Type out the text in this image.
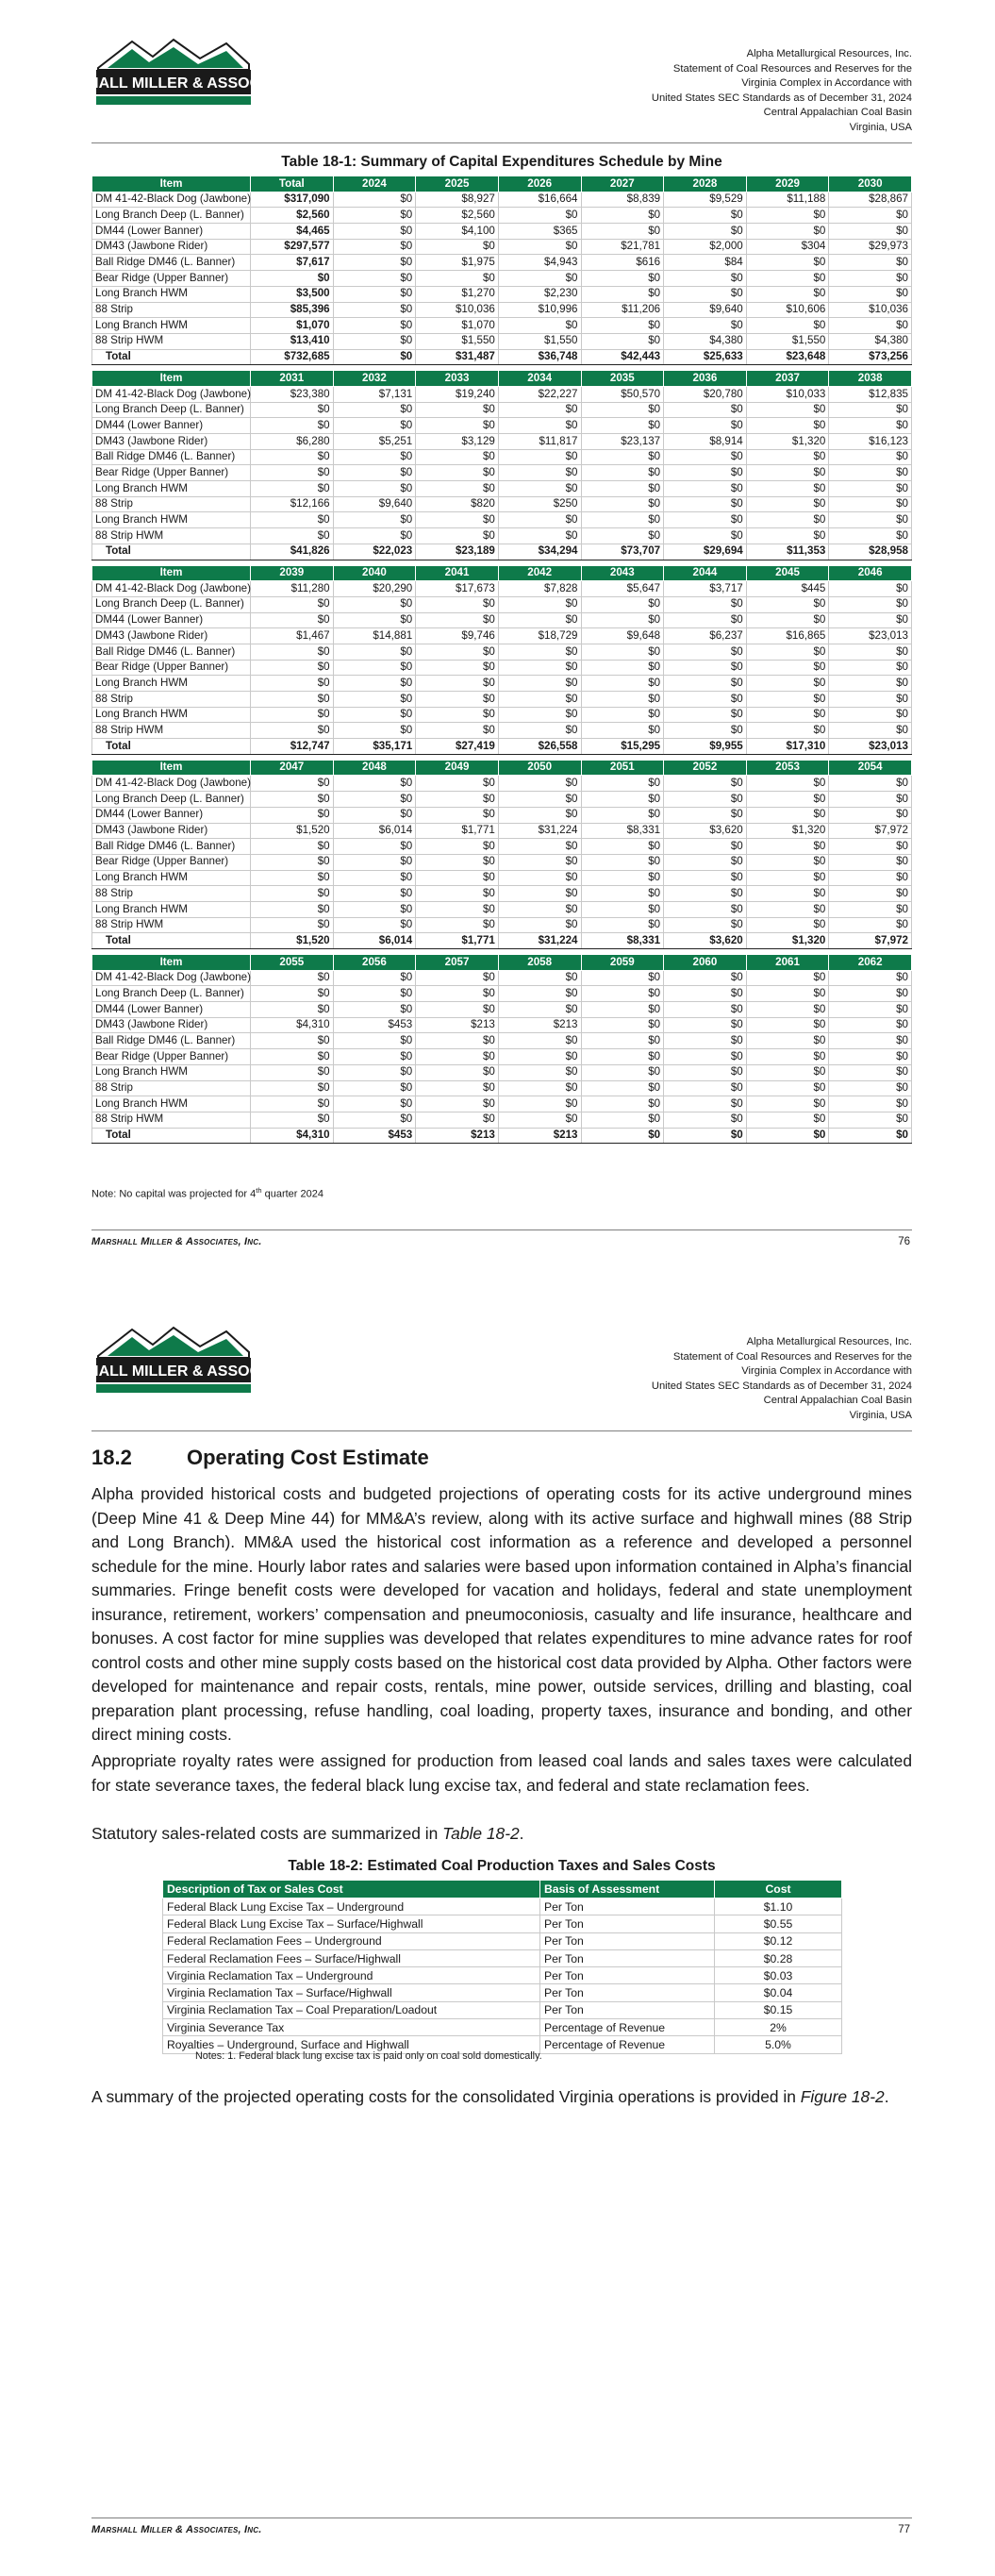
MARSHALL MILLER & ASSOCIATES
Alpha Metallurgical Resources, Inc.
Statement of Coal Resources and Reserves for the
Virginia Complex in Accordance with
United States SEC Standards as of December 31, 2024
Central Appalachian Coal Basin
Virginia, USA
Table 18-1: Summary of Capital Expenditures Schedule by Mine
Item	Total	2024	2025	2026	2027	2028	2029	2030
DM 41-42-Black Dog (Jawbone)	$317,090	$0	$8,927	$16,664	$8,839	$9,529	$11,188	$28,867
Long Branch Deep (L. Banner)	$2,560	$0	$2,560	$0	$0	$0	$0	$0
DM44 (Lower Banner)	$4,465	$0	$4,100	$365	$0	$0	$0	$0
DM43 (Jawbone Rider)	$297,577	$0	$0	$0	$21,781	$2,000	$304	$29,973
Ball Ridge DM46 (L. Banner)	$7,617	$0	$1,975	$4,943	$616	$84	$0	$0
Bear Ridge (Upper Banner)	$0	$0	$0	$0	$0	$0	$0	$0
Long Branch HWM	$3,500	$0	$1,270	$2,230	$0	$0	$0	$0
88 Strip	$85,396	$0	$10,036	$10,996	$11,206	$9,640	$10,606	$10,036
Long Branch HWM	$1,070	$0	$1,070	$0	$0	$0	$0	$0
88 Strip HWM	$13,410	$0	$1,550	$1,550	$0	$4,380	$1,550	$4,380
Total	$732,685	$0	$31,487	$36,748	$42,443	$25,633	$23,648	$73,256

Item	2031	2032	2033	2034	2035	2036	2037	2038
DM 41-42-Black Dog (Jawbone)	$23,380	$7,131	$19,240	$22,227	$50,570	$20,780	$10,033	$12,835
Long Branch Deep (L. Banner)	$0	$0	$0	$0	$0	$0	$0	$0
DM44 (Lower Banner)	$0	$0	$0	$0	$0	$0	$0	$0
DM43 (Jawbone Rider)	$6,280	$5,251	$3,129	$11,817	$23,137	$8,914	$1,320	$16,123
Ball Ridge DM46 (L. Banner)	$0	$0	$0	$0	$0	$0	$0	$0
Bear Ridge (Upper Banner)	$0	$0	$0	$0	$0	$0	$0	$0
Long Branch HWM	$0	$0	$0	$0	$0	$0	$0	$0
88 Strip	$12,166	$9,640	$820	$250	$0	$0	$0	$0
Long Branch HWM	$0	$0	$0	$0	$0	$0	$0	$0
88 Strip HWM	$0	$0	$0	$0	$0	$0	$0	$0
Total	$41,826	$22,023	$23,189	$34,294	$73,707	$29,694	$11,353	$28,958

Item	2039	2040	2041	2042	2043	2044	2045	2046
DM 41-42-Black Dog (Jawbone)	$11,280	$20,290	$17,673	$7,828	$5,647	$3,717	$445	$0
Long Branch Deep (L. Banner)	$0	$0	$0	$0	$0	$0	$0	$0
DM44 (Lower Banner)	$0	$0	$0	$0	$0	$0	$0	$0
DM43 (Jawbone Rider)	$1,467	$14,881	$9,746	$18,729	$9,648	$6,237	$16,865	$23,013
Ball Ridge DM46 (L. Banner)	$0	$0	$0	$0	$0	$0	$0	$0
Bear Ridge (Upper Banner)	$0	$0	$0	$0	$0	$0	$0	$0
Long Branch HWM	$0	$0	$0	$0	$0	$0	$0	$0
88 Strip	$0	$0	$0	$0	$0	$0	$0	$0
Long Branch HWM	$0	$0	$0	$0	$0	$0	$0	$0
88 Strip HWM	$0	$0	$0	$0	$0	$0	$0	$0
Total	$12,747	$35,171	$27,419	$26,558	$15,295	$9,955	$17,310	$23,013

Item	2047	2048	2049	2050	2051	2052	2053	2054
DM 41-42-Black Dog (Jawbone)	$0	$0	$0	$0	$0	$0	$0	$0
Long Branch Deep (L. Banner)	$0	$0	$0	$0	$0	$0	$0	$0
DM44 (Lower Banner)	$0	$0	$0	$0	$0	$0	$0	$0
DM43 (Jawbone Rider)	$1,520	$6,014	$1,771	$31,224	$8,331	$3,620	$1,320	$7,972
Ball Ridge DM46 (L. Banner)	$0	$0	$0	$0	$0	$0	$0	$0
Bear Ridge (Upper Banner)	$0	$0	$0	$0	$0	$0	$0	$0
Long Branch HWM	$0	$0	$0	$0	$0	$0	$0	$0
88 Strip	$0	$0	$0	$0	$0	$0	$0	$0
Long Branch HWM	$0	$0	$0	$0	$0	$0	$0	$0
88 Strip HWM	$0	$0	$0	$0	$0	$0	$0	$0
Total	$1,520	$6,014	$1,771	$31,224	$8,331	$3,620	$1,320	$7,972

Item	2055	2056	2057	2058	2059	2060	2061	2062
DM 41-42-Black Dog (Jawbone)	$0	$0	$0	$0	$0	$0	$0	$0
Long Branch Deep (L. Banner)	$0	$0	$0	$0	$0	$0	$0	$0
DM44 (Lower Banner)	$0	$0	$0	$0	$0	$0	$0	$0
DM43 (Jawbone Rider)	$4,310	$453	$213	$213	$0	$0	$0	$0
Ball Ridge DM46 (L. Banner)	$0	$0	$0	$0	$0	$0	$0	$0
Bear Ridge (Upper Banner)	$0	$0	$0	$0	$0	$0	$0	$0
Long Branch HWM	$0	$0	$0	$0	$0	$0	$0	$0
88 Strip	$0	$0	$0	$0	$0	$0	$0	$0
Long Branch HWM	$0	$0	$0	$0	$0	$0	$0	$0
88 Strip HWM	$0	$0	$0	$0	$0	$0	$0	$0
Total	$4,310	$453	$213	$213	$0	$0	$0	$0
Note: No capital was projected for 4th quarter 2024
Marshall Miller & Associates, Inc.	76
MARSHALL MILLER & ASSOCIATES
Alpha Metallurgical Resources, Inc.
Statement of Coal Resources and Reserves for the
Virginia Complex in Accordance with
United States SEC Standards as of December 31, 2024
Central Appalachian Coal Basin
Virginia, USA
18.2	Operating Cost Estimate

Alpha provided historical costs and budgeted projections of operating costs for its active underground mines (Deep Mine 41 & Deep Mine 44) for MM&A’s review, along with its active surface and highwall mines (88 Strip and Long Branch). MM&A used the historical cost information as a reference and developed a personnel schedule for the mine. Hourly labor rates and salaries were based upon information contained in Alpha’s financial summaries. Fringe benefit costs were developed for vacation and holidays, federal and state unemployment insurance, retirement, workers’ compensation and pneumoconiosis, casualty and life insurance, healthcare and bonuses. A cost factor for mine supplies was developed that relates expenditures to mine advance rates for roof control costs and other mine supply costs based on the historical cost data provided by Alpha. Other factors were developed for maintenance and repair costs, rentals, mine power, outside services, drilling and blasting, coal preparation plant processing, refuse handling, coal loading, property taxes, insurance and bonding, and other direct mining costs.

Appropriate royalty rates were assigned for production from leased coal lands and sales taxes were calculated for state severance taxes, the federal black lung excise tax, and federal and state reclamation fees.

Statutory sales-related costs are summarized in Table 18-2.

Table 18-2: Estimated Coal Production Taxes and Sales Costs
Description of Tax or Sales Cost	Basis of Assessment	Cost
Federal Black Lung Excise Tax – Underground	Per Ton	$1.10
Federal Black Lung Excise Tax – Surface/Highwall	Per Ton	$0.55
Federal Reclamation Fees – Underground	Per Ton	$0.12
Federal Reclamation Fees – Surface/Highwall	Per Ton	$0.28
Virginia Reclamation Tax – Underground	Per Ton	$0.03
Virginia Reclamation Tax – Surface/Highwall	Per Ton	$0.04
Virginia Reclamation Tax – Coal Preparation/Loadout	Per Ton	$0.15
Virginia Severance Tax	Percentage of Revenue	2%
Royalties – Underground, Surface and Highwall	Percentage of Revenue	5.0%
Notes: 1. Federal black lung excise tax is paid only on coal sold domestically.

A summary of the projected operating costs for the consolidated Virginia operations is provided in Figure 18-2.

Marshall Miller & Associates, Inc.	77
